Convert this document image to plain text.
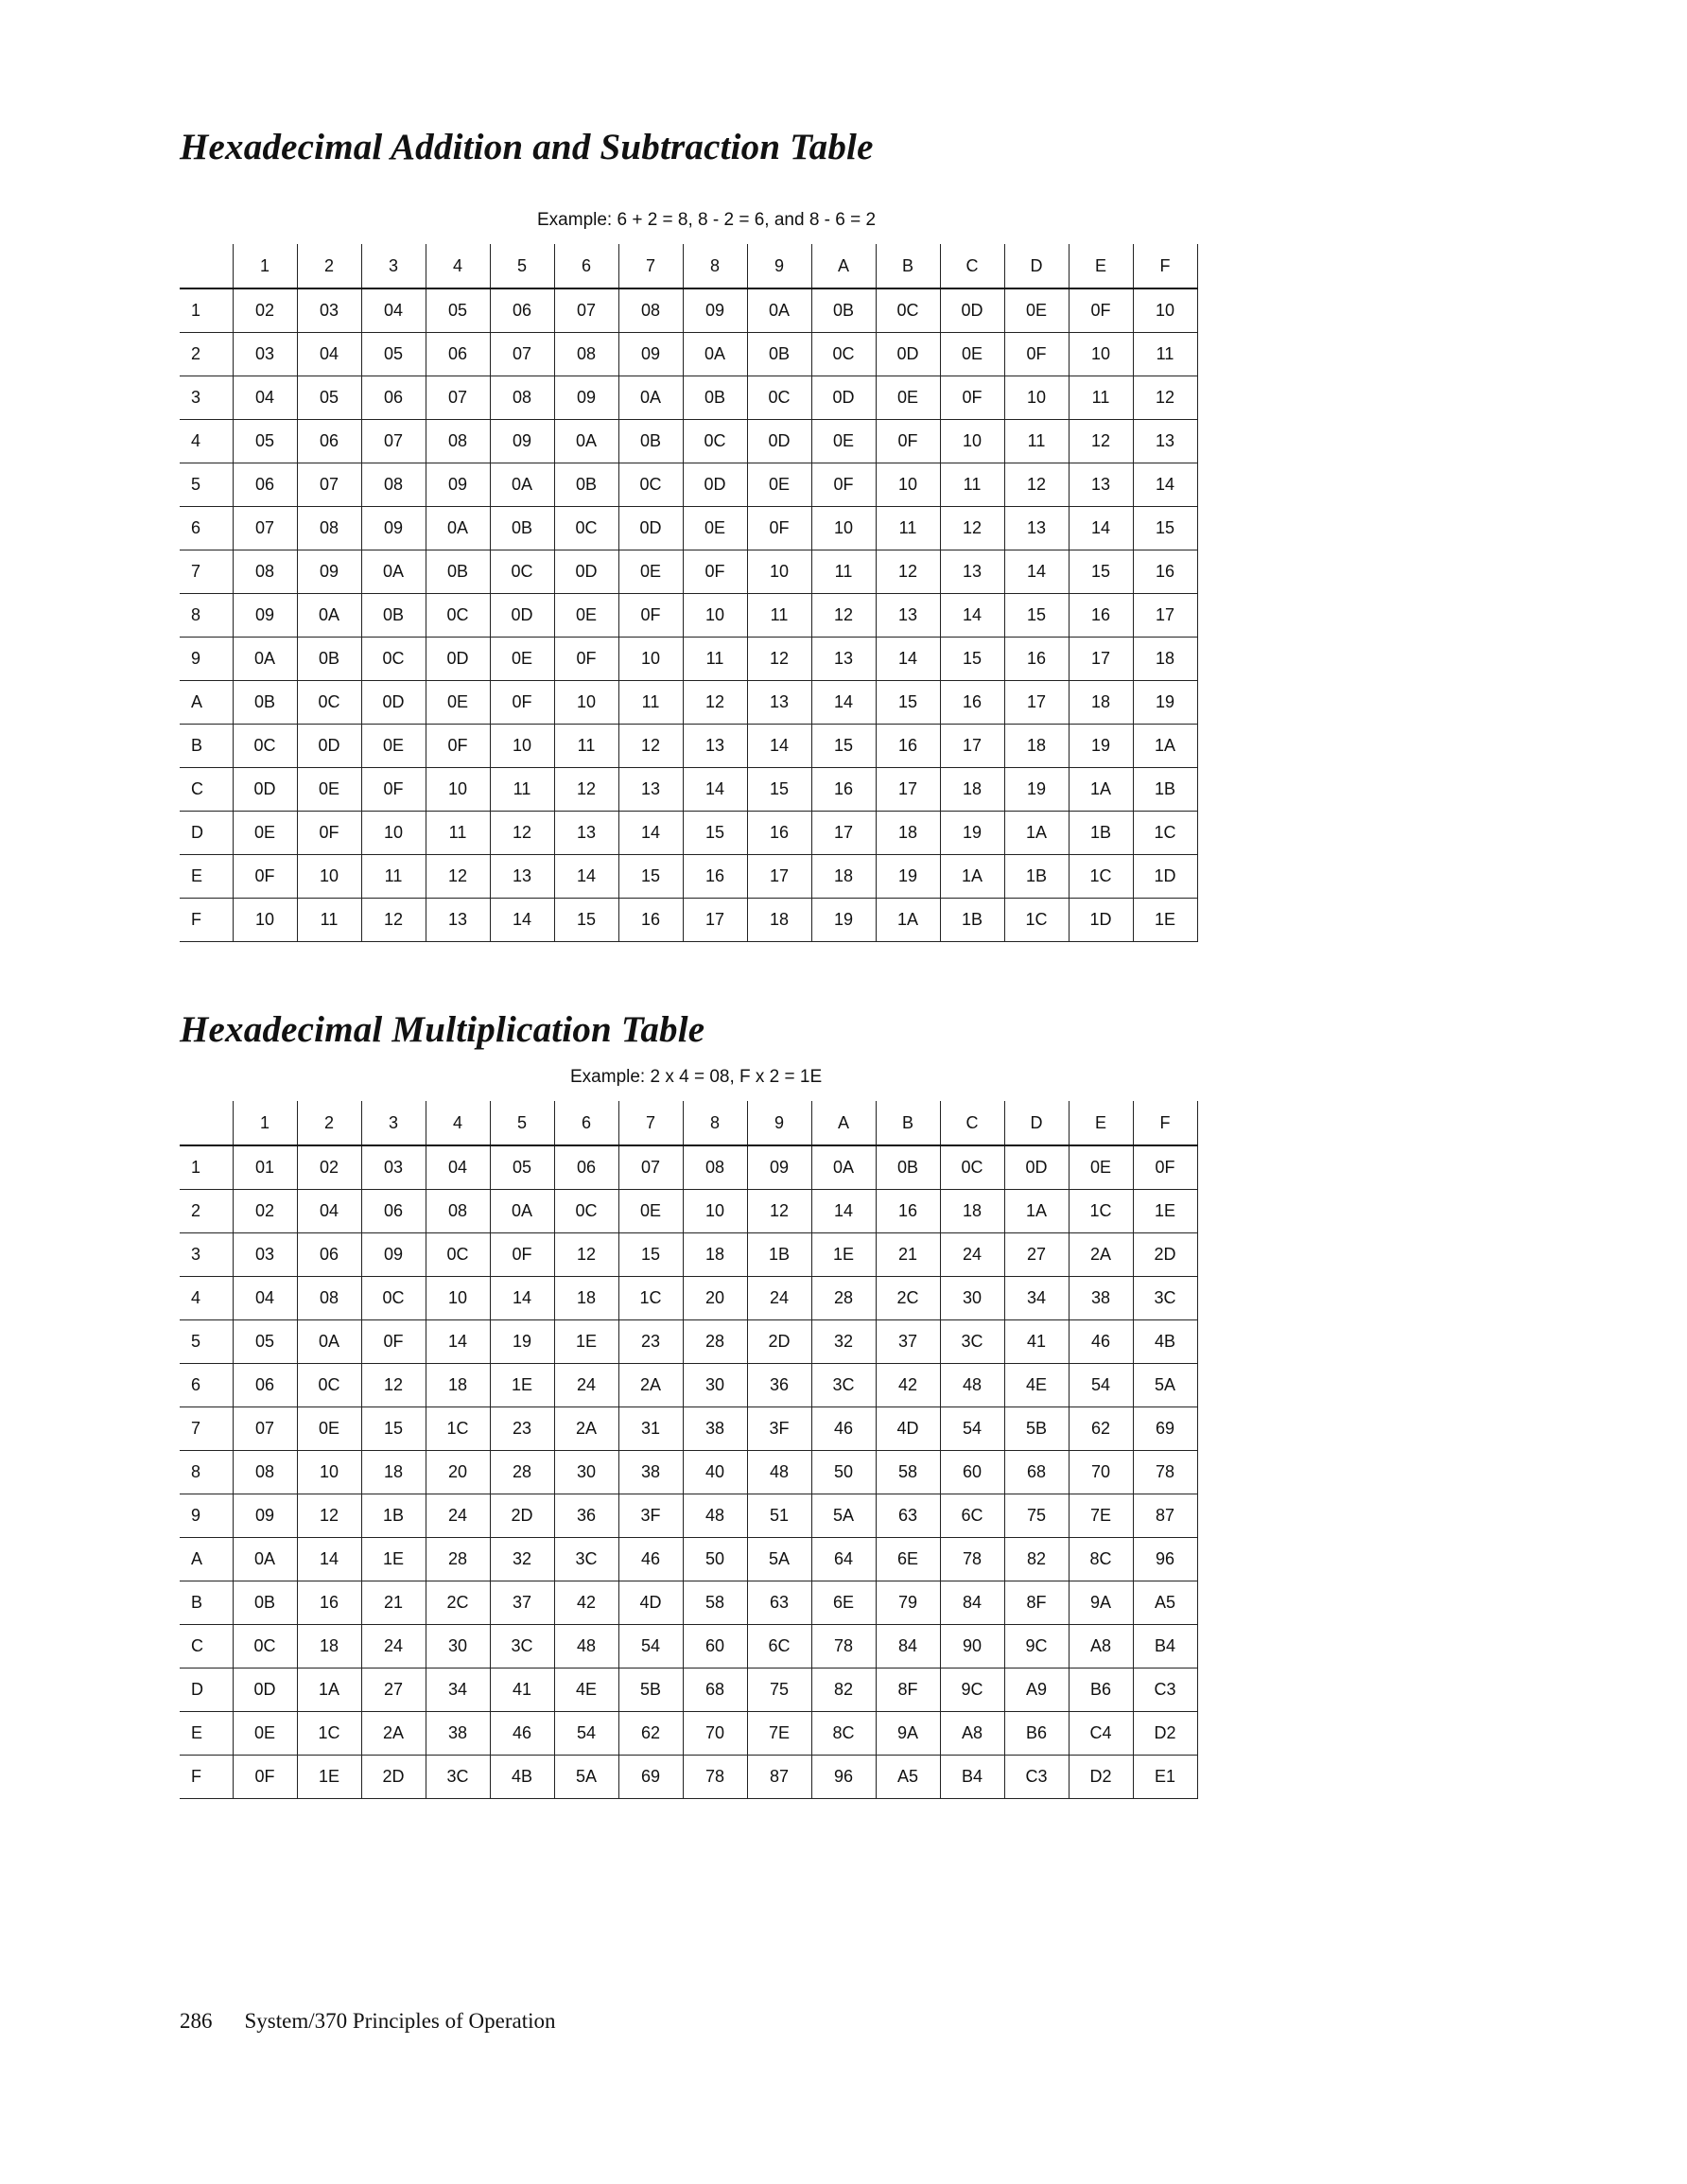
Hexadecimal Addition and Subtraction Table

Example: 6 + 2 = 8, 8 - 2 = 6, and 8 - 6 = 2

	1	2	3	4	5	6	7	8	9	A	B	C	D	E	F
1	02	03	04	05	06	07	08	09	0A	0B	0C	0D	0E	0F	10
2	03	04	05	06	07	08	09	0A	0B	0C	0D	0E	0F	10	11
3	04	05	06	07	08	09	0A	0B	0C	0D	0E	0F	10	11	12
4	05	06	07	08	09	0A	0B	0C	0D	0E	0F	10	11	12	13
5	06	07	08	09	0A	0B	0C	0D	0E	0F	10	11	12	13	14
6	07	08	09	0A	0B	0C	0D	0E	0F	10	11	12	13	14	15
7	08	09	0A	0B	0C	0D	0E	0F	10	11	12	13	14	15	16
8	09	0A	0B	0C	0D	0E	0F	10	11	12	13	14	15	16	17
9	0A	0B	0C	0D	0E	0F	10	11	12	13	14	15	16	17	18
A	0B	0C	0D	0E	0F	10	11	12	13	14	15	16	17	18	19
B	0C	0D	0E	0F	10	11	12	13	14	15	16	17	18	19	1A
C	0D	0E	0F	10	11	12	13	14	15	16	17	18	19	1A	1B
D	0E	0F	10	11	12	13	14	15	16	17	18	19	1A	1B	1C
E	0F	10	11	12	13	14	15	16	17	18	19	1A	1B	1C	1D
F	10	11	12	13	14	15	16	17	18	19	1A	1B	1C	1D	1E
Hexadecimal Multiplication Table

Example: 2 x 4 = 08, F x 2 = 1E

	1	2	3	4	5	6	7	8	9	A	B	C	D	E	F
1	01	02	03	04	05	06	07	08	09	0A	0B	0C	0D	0E	0F
2	02	04	06	08	0A	0C	0E	10	12	14	16	18	1A	1C	1E
3	03	06	09	0C	0F	12	15	18	1B	1E	21	24	27	2A	2D
4	04	08	0C	10	14	18	1C	20	24	28	2C	30	34	38	3C
5	05	0A	0F	14	19	1E	23	28	2D	32	37	3C	41	46	4B
6	06	0C	12	18	1E	24	2A	30	36	3C	42	48	4E	54	5A
7	07	0E	15	1C	23	2A	31	38	3F	46	4D	54	5B	62	69
8	08	10	18	20	28	30	38	40	48	50	58	60	68	70	78
9	09	12	1B	24	2D	36	3F	48	51	5A	63	6C	75	7E	87
A	0A	14	1E	28	32	3C	46	50	5A	64	6E	78	82	8C	96
B	0B	16	21	2C	37	42	4D	58	63	6E	79	84	8F	9A	A5
C	0C	18	24	30	3C	48	54	60	6C	78	84	90	9C	A8	B4
D	0D	1A	27	34	41	4E	5B	68	75	82	8F	9C	A9	B6	C3
E	0E	1C	2A	38	46	54	62	70	7E	8C	9A	A8	B6	C4	D2
F	0F	1E	2D	3C	4B	5A	69	78	87	96	A5	B4	C3	D2	E1
286 System/370 Principles of Operation
